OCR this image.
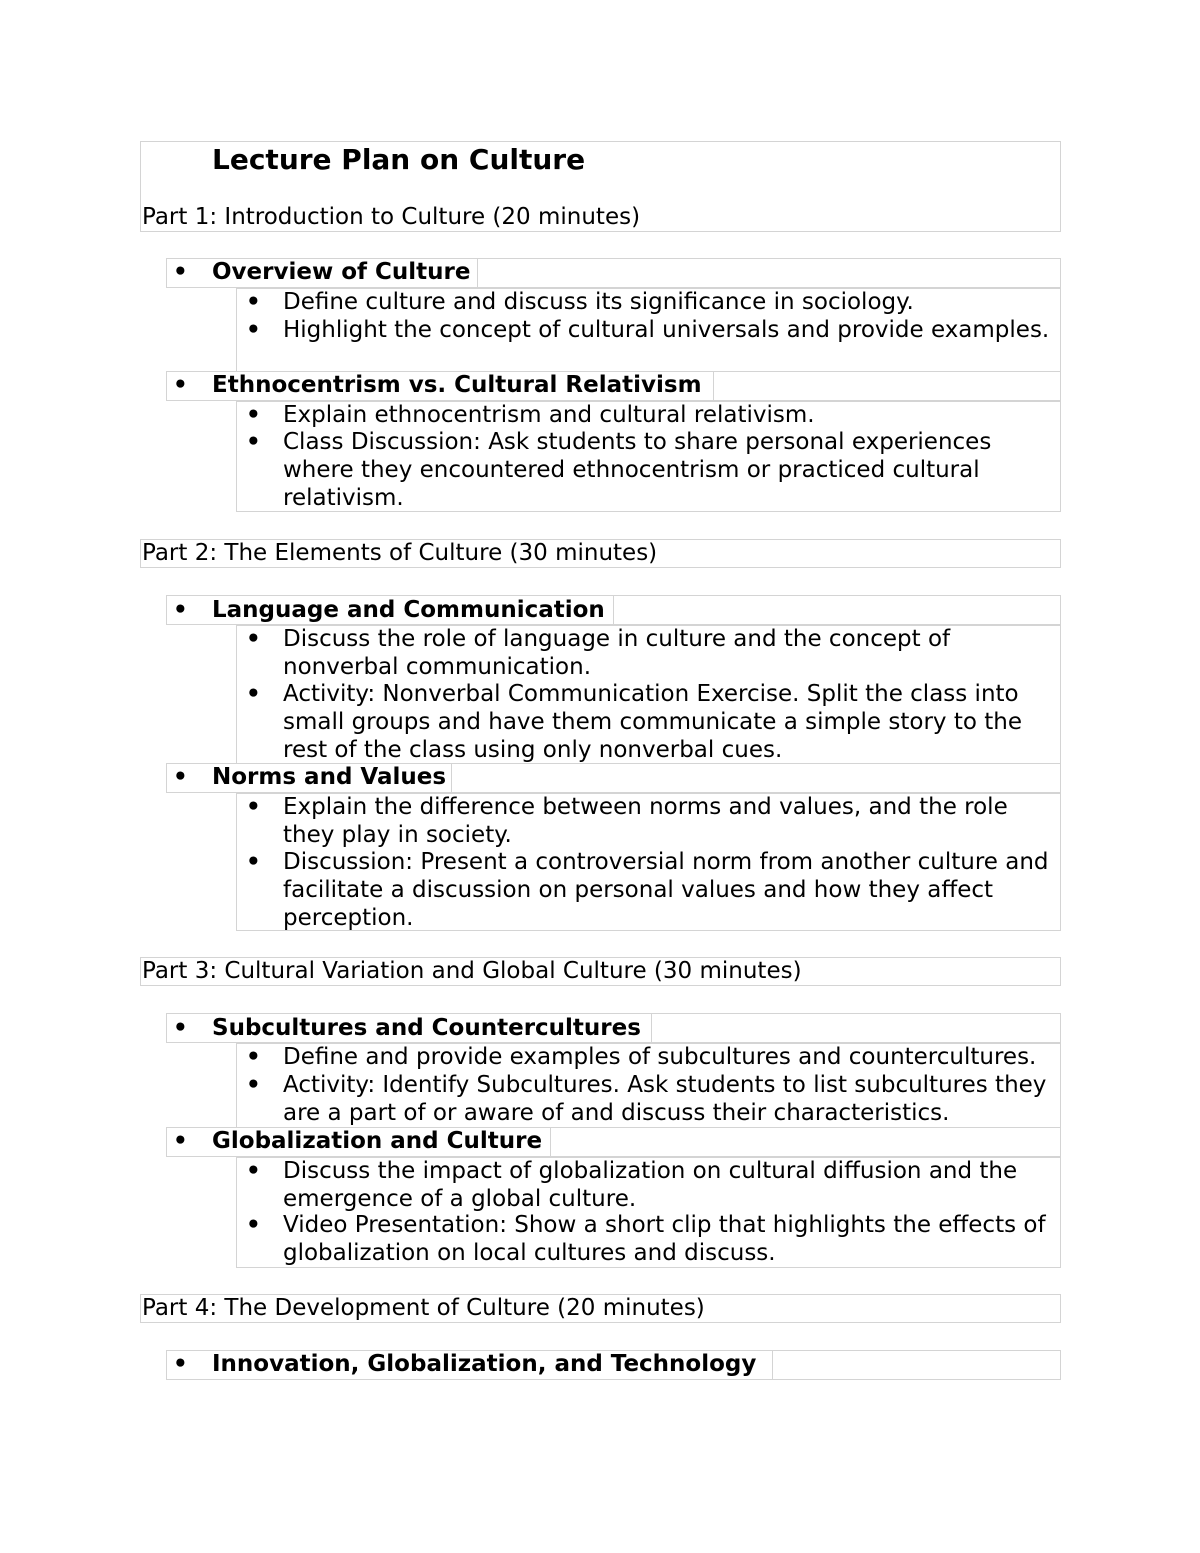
Lecture Plan on Culture
Part 1: Introduction to Culture (20 minutes)
• Overview of Culture
• Define culture and discuss its significance in sociology.
• Highlight the concept of cultural universals and provide examples.
• Ethnocentrism vs. Cultural Relativism
• Explain ethnocentrism and cultural relativism.
• Class Discussion: Ask students to share personal experiences where they encountered ethnocentrism or practiced cultural relativism.
Part 2: The Elements of Culture (30 minutes)
• Language and Communication
• Discuss the role of language in culture and the concept of nonverbal communication.
• Activity: Nonverbal Communication Exercise. Split the class into small groups and have them communicate a simple story to the rest of the class using only nonverbal cues.
• Norms and Values
• Explain the difference between norms and values, and the role they play in society.
• Discussion: Present a controversial norm from another culture and facilitate a discussion on personal values and how they affect perception.
Part 3: Cultural Variation and Global Culture (30 minutes)
• Subcultures and Countercultures
• Define and provide examples of subcultures and countercultures.
• Activity: Identify Subcultures. Ask students to list subcultures they are a part of or aware of and discuss their characteristics.
• Globalization and Culture
• Discuss the impact of globalization on cultural diffusion and the emergence of a global culture.
• Video Presentation: Show a short clip that highlights the effects of globalization on local cultures and discuss.
Part 4: The Development of Culture (20 minutes)
• Innovation, Globalization, and Technology
